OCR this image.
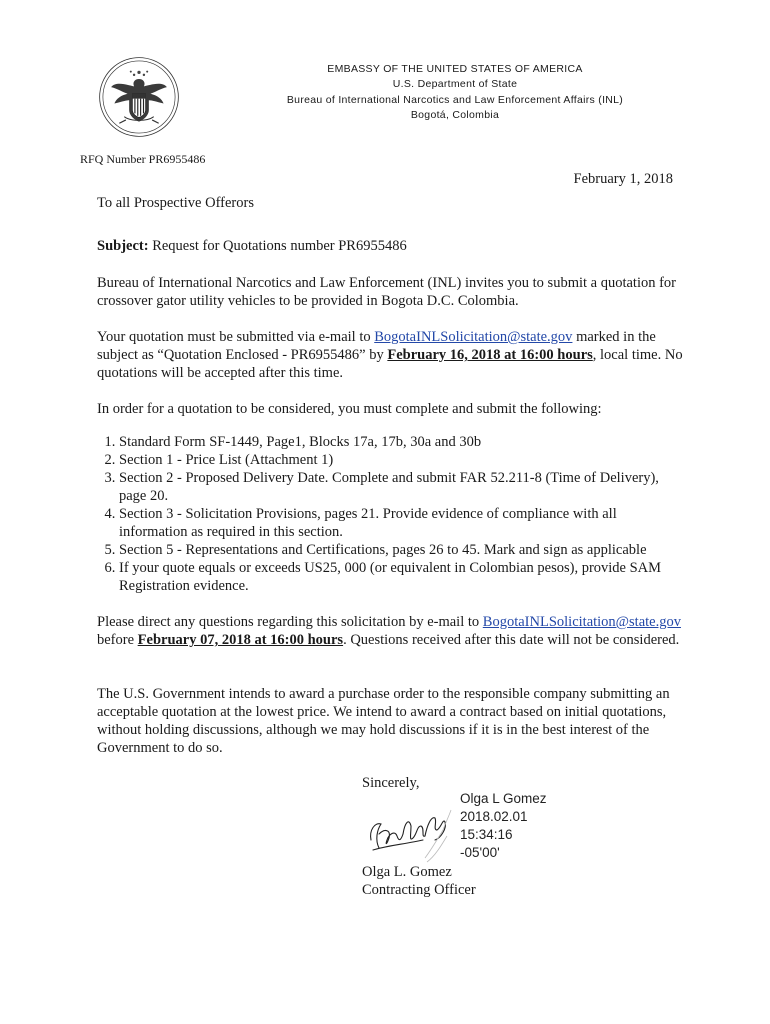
EMBASSY OF THE UNITED STATES OF AMERICA
U.S. Department of State
Bureau of International Narcotics and Law Enforcement Affairs (INL)
Bogotá, Colombia
RFQ Number PR6955486
February 1, 2018
To all Prospective Offerors
Subject: Request for Quotations number PR6955486

Bureau of International Narcotics and Law Enforcement (INL) invites you to submit a quotation for crossover gator utility vehicles to be provided in Bogota D.C. Colombia.

Your quotation must be submitted via e-mail to BogotaINLSolicitation@state.gov marked in the subject as “Quotation Enclosed - PR6955486” by February 16, 2018 at 16:00 hours, local time. No quotations will be accepted after this time.

In order for a quotation to be considered, you must complete and submit the following:
1. Standard Form SF-1449, Page1, Blocks 17a, 17b, 30a and 30b
2. Section 1 - Price List (Attachment 1)
3. Section 2 - Proposed Delivery Date. Complete and submit FAR 52.211-8 (Time of Delivery), page 20.
4. Section 3 - Solicitation Provisions, pages 21. Provide evidence of compliance with all information as required in this section.
5. Section 5 - Representations and Certifications, pages 26 to 45. Mark and sign as applicable
6. If your quote equals or exceeds US25, 000 (or equivalent in Colombian pesos), provide SAM Registration evidence.

Please direct any questions regarding this solicitation by e-mail to BogotaINLSolicitation@state.gov before February 07, 2018 at 16:00 hours. Questions received after this date will not be considered.

The U.S. Government intends to award a purchase order to the responsible company submitting an acceptable quotation at the lowest price. We intend to award a contract based on initial quotations, without holding discussions, although we may hold discussions if it is in the best interest of the Government to do so.

Sincerely,
Olga L Gomez
2018.02.01
15:34:16
-05'00'
Olga L. Gomez
Contracting Officer
